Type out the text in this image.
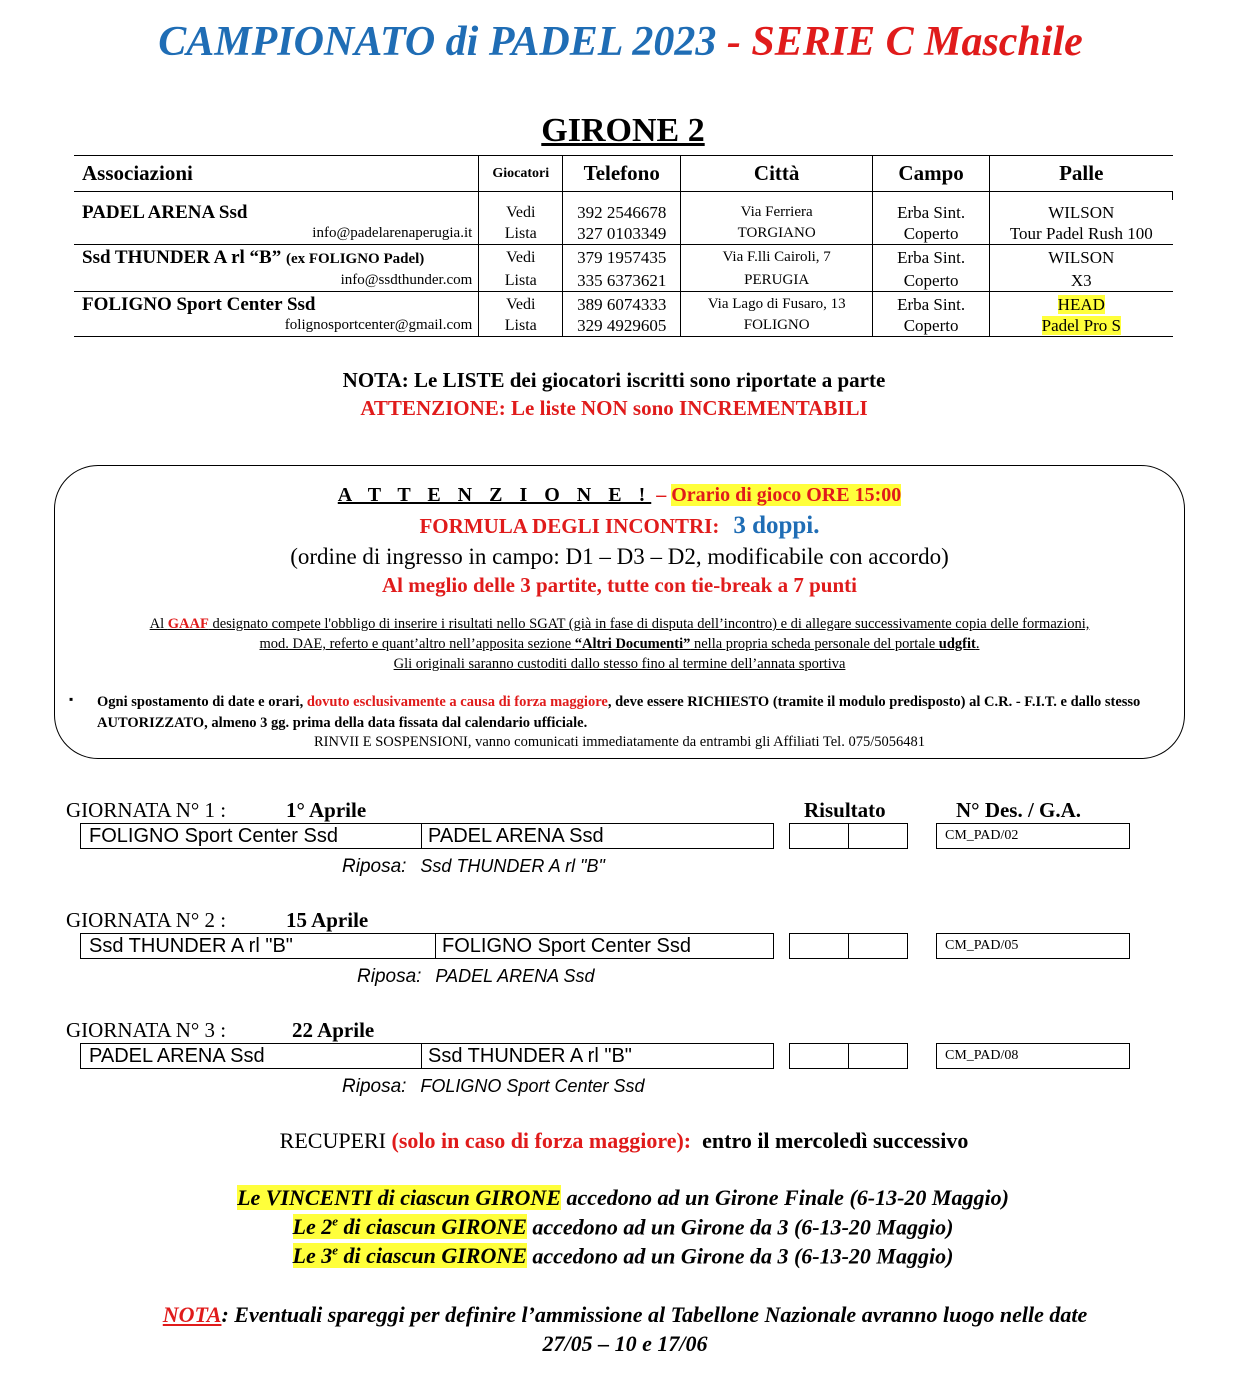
CAMPIONATO di PADEL 2023 - SERIE C Maschile
GIRONE 2
Associazioni	Giocatori	Telefono	Città	Campo	Palle

PADEL ARENA Ssd	Vedi	392 2546678	Via Ferriera	Erba Sint.	WILSON
info@padelarenaperugia.it	Lista	327 0103349	TORGIANO	Coperto	Tour Padel Rush 100
Ssd THUNDER A rl “B” (ex FOLIGNO Padel)	Vedi	379 1957435	Via F.lli Cairoli, 7	Erba Sint.	WILSON
info@ssdthunder.com	Lista	335 6373621	PERUGIA	Coperto	X3
FOLIGNO Sport Center Ssd	Vedi	389 6074333	Via Lago di Fusaro, 13	Erba Sint.	HEAD
folignosportcenter@gmail.com	Lista	329 4929605	FOLIGNO	Coperto	Padel Pro S
NOTA: Le LISTE dei giocatori iscritti sono riportate a parte
ATTENZIONE: Le liste NON sono INCREMENTABILI
A T T E N Z I O N E ! – Orario di gioco ORE 15:00
FORMULA DEGLI INCONTRI: 3 doppi.
(ordine di ingresso in campo: D1 – D3 – D2, modificabile con accordo)
Al meglio delle 3 partite, tutte con tie-break a 7 punti
Al GAAF designato compete l'obbligo di inserire i risultati nello SGAT (già in fase di disputa dell’incontro) e di allegare successivamente copia delle formazioni,
mod. DAE, referto e quant’altro nell’apposita sezione “Altri Documenti” nella propria scheda personale del portale udgfit.
Gli originali saranno custoditi dallo stesso fino al termine dell’annata sportiva
▪ Ogni spostamento di date e orari, dovuto esclusivamente a causa di forza maggiore, deve essere RICHIESTO (tramite il modulo predisposto) al C.R. - F.I.T. e dallo stesso AUTORIZZATO, almeno 3 gg. prima della data fissata dal calendario ufficiale.
RINVII E SOSPENSIONI, vanno comunicati immediatamente da entrambi gli Affiliati Tel. 075/5056481
Risultato	N° Des. / G.A.
GIORNATA N° 1 :	1° Aprile
FOLIGNO Sport Center Ssd	PADEL ARENA Ssd	CM_PAD/02
Riposa: Ssd THUNDER A rl "B"
GIORNATA N° 2 :	15 Aprile
Ssd THUNDER A rl "B"	FOLIGNO Sport Center Ssd	CM_PAD/05
Riposa: PADEL ARENA Ssd
GIORNATA N° 3 :	22 Aprile
PADEL ARENA Ssd	Ssd THUNDER A rl "B"	CM_PAD/08
Riposa: FOLIGNO Sport Center Ssd
RECUPERI (solo in caso di forza maggiore): entro il mercoledì successivo
Le VINCENTI di ciascun GIRONE accedono ad un Girone Finale (6-13-20 Maggio)
Le 2e di ciascun GIRONE accedono ad un Girone da 3 (6-13-20 Maggio)
Le 3e di ciascun GIRONE accedono ad un Girone da 3 (6-13-20 Maggio)
NOTA: Eventuali spareggi per definire l’ammissione al Tabellone Nazionale avranno luogo nelle date
27/05 – 10 e 17/06
